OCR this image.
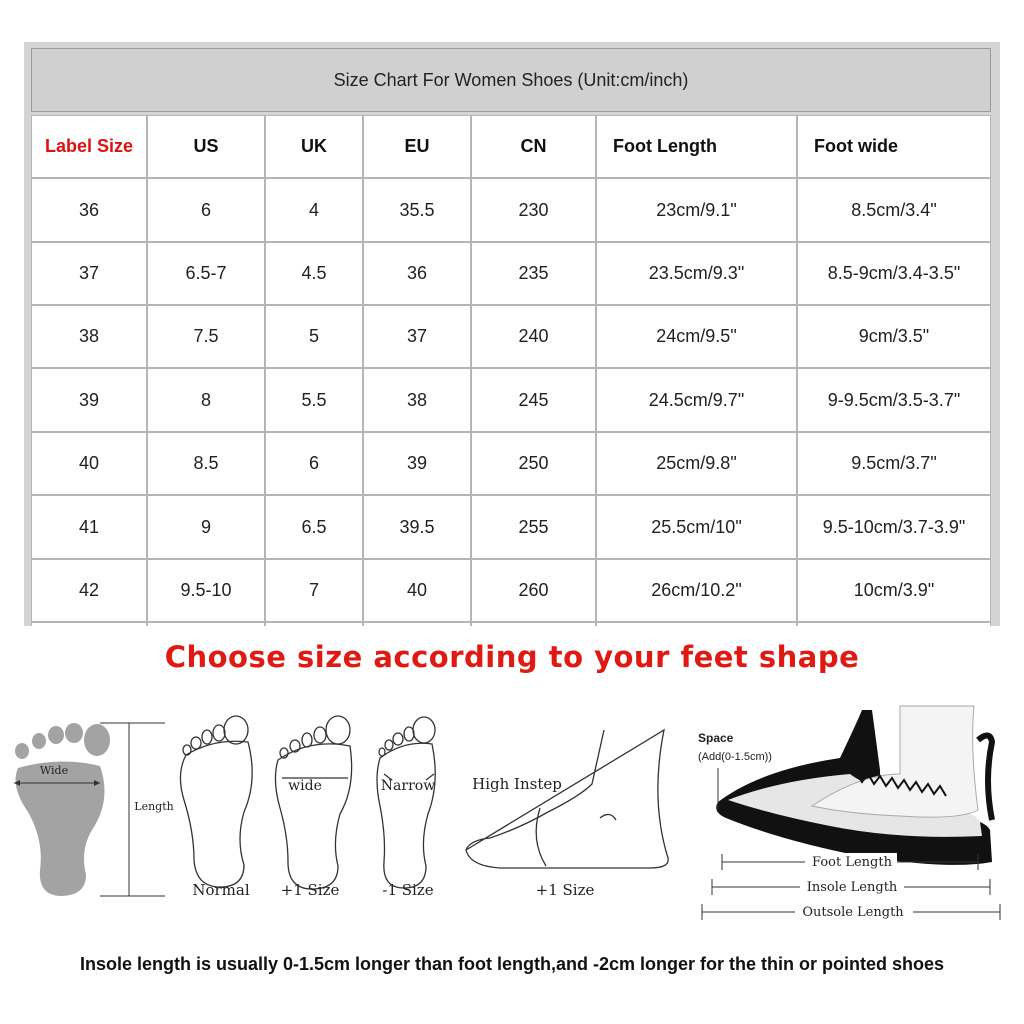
Size Chart For Women Shoes (Unit:cm/inch)
Label Size	US	UK	EU	CN	Foot Length	Foot wide
36	6	4	35.5	230	23cm/9.1"	8.5cm/3.4"
37	6.5-7	4.5	36	235	23.5cm/9.3"	8.5-9cm/3.4-3.5"
38	7.5	5	37	240	24cm/9.5"	9cm/3.5"
39	8	5.5	38	245	24.5cm/9.7"	9-9.5cm/3.5-3.7"
40	8.5	6	39	250	25cm/9.8"	9.5cm/3.7"
41	9	6.5	39.5	255	25.5cm/10"	9.5-10cm/3.7-3.9"
42	9.5-10	7	40	260	26cm/10.2"	10cm/3.9"
Choose size according to your feet shape
Wide
Length
wide	Narrow
Normal +1 Size	-1 Size
High Instep
+1 Size
Space
(Add(0-1.5cm))
Foot Length
Insole Length
Outsole Length
Insole length is usually 0-1.5cm longer than foot length,and -2cm longer for the thin or pointed shoes
